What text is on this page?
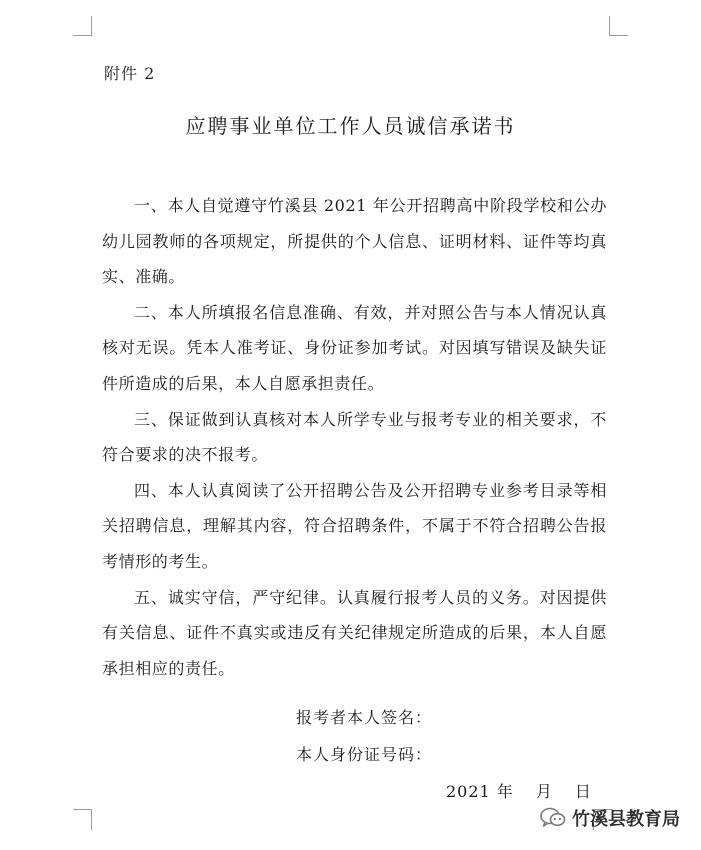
附件 2
应聘事业单位工作人员诚信承诺书

一、本人自觉遵守竹溪县 2021 年公开招聘高中阶段学校和公办幼儿园教师的各项规定，所提供的个人信息、证明材料、证件等均真实、准确。

二、本人所填报名信息准确、有效，并对照公告与本人情况认真核对无误。凭本人准考证、身份证参加考试。对因填写错误及缺失证件所造成的后果，本人自愿承担责任。

三、保证做到认真核对本人所学专业与报考专业的相关要求，不符合要求的决不报考。

四、本人认真阅读了公开招聘公告及公开招聘专业参考目录等相关招聘信息，理解其内容，符合招聘条件，不属于不符合招聘公告报考情形的考生。

五、诚实守信，严守纪律。认真履行报考人员的义务。对因提供有关信息、证件不真实或违反有关纪律规定所造成的后果，本人自愿承担相应的责任。

报考者本人签名：
本人身份证号码：
2021 年 月 日
竹溪县教育局
